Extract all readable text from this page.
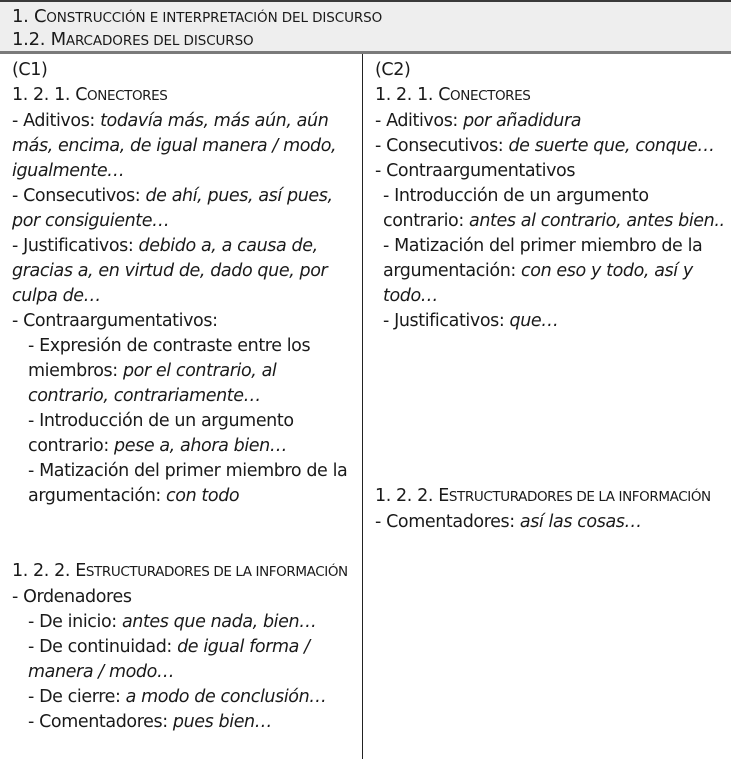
1. CONSTRUCCIÓN E INTERPRETACIÓN DEL DISCURSO
1.2. MARCADORES DEL DISCURSO
(C1)
1. 2. 1. CONECTORES
- Aditivos: todavía más, más aún, aún más, encima, de igual manera / modo, igualmente…
- Consecutivos: de ahí, pues, así pues, por consiguiente…
- Justificativos: debido a, a causa de, gracias a, en virtud de, dado que, por culpa de…
- Contraargumentativos:
- Expresión de contraste entre los miembros: por el contrario, al contrario, contrariamente…
- Introducción de un argumento contrario: pese a, ahora bien…
- Matización del primer miembro de la argumentación: con todo
1. 2. 2. ESTRUCTURADORES DE LA INFORMACIÓN
- Ordenadores
- De inicio: antes que nada, bien…
- De continuidad: de igual forma / manera / modo…
- De cierre: a modo de conclusión…
- Comentadores: pues bien…
(C2)
1. 2. 1. CONECTORES
- Aditivos: por añadidura
- Consecutivos: de suerte que, conque…
- Contraargumentativos
- Introducción de un argumento contrario: antes al contrario, antes bien..
- Matización del primer miembro de la argumentación: con eso y todo, así y todo…
- Justificativos: que…
1. 2. 2. ESTRUCTURADORES DE LA INFORMACIÓN
- Comentadores: así las cosas…
